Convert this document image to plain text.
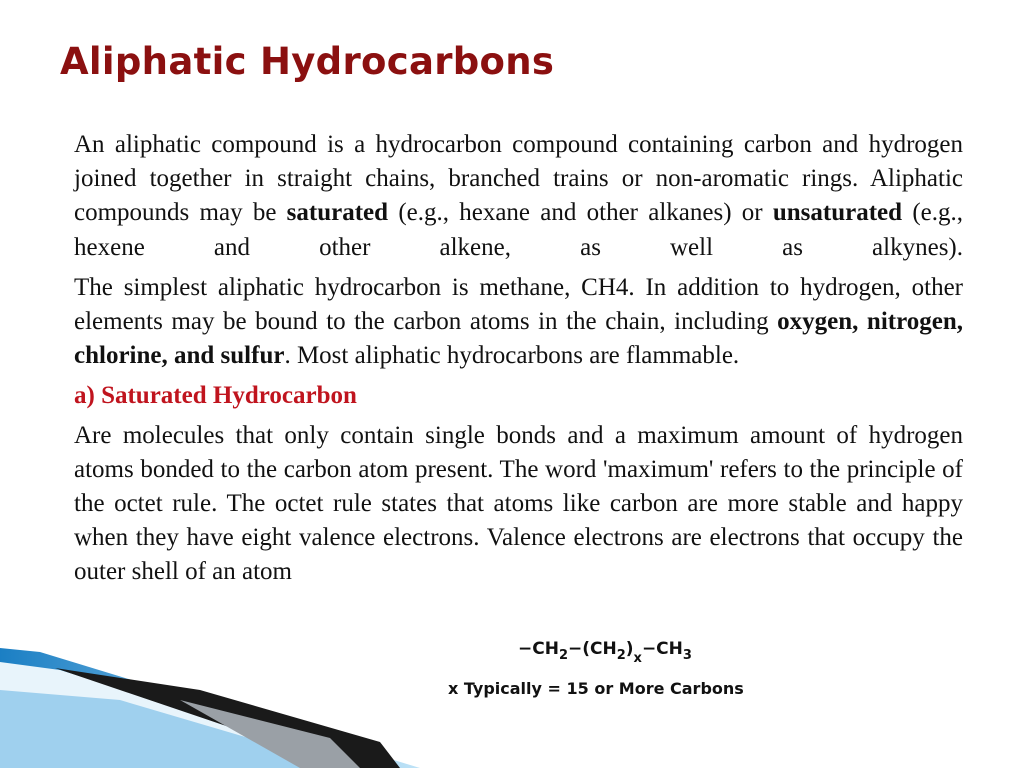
Aliphatic Hydrocarbons

An aliphatic compound is a hydrocarbon compound containing carbon and hydrogen joined together in straight chains, branched trains or non-aromatic rings. Aliphatic compounds may be saturated (e.g., hexane and other alkanes) or unsaturated (e.g., hexene and other alkene, as well as alkynes).

The simplest aliphatic hydrocarbon is methane, CH4. In addition to hydrogen, other elements may be bound to the carbon atoms in the chain, including oxygen, nitrogen, chlorine, and sulfur. Most aliphatic hydrocarbons are flammable.

a) Saturated Hydrocarbon

Are molecules that only contain single bonds and a maximum amount of hydrogen atoms bonded to the carbon atom present. The word 'maximum' refers to the principle of the octet rule. The octet rule states that atoms like carbon are more stable and happy when they have eight valence electrons. Valence electrons are electrons that occupy the outer shell of an atom

$-CH_2-(CH_2)_x-CH_3$
x Typically = 15 or More Carbons
